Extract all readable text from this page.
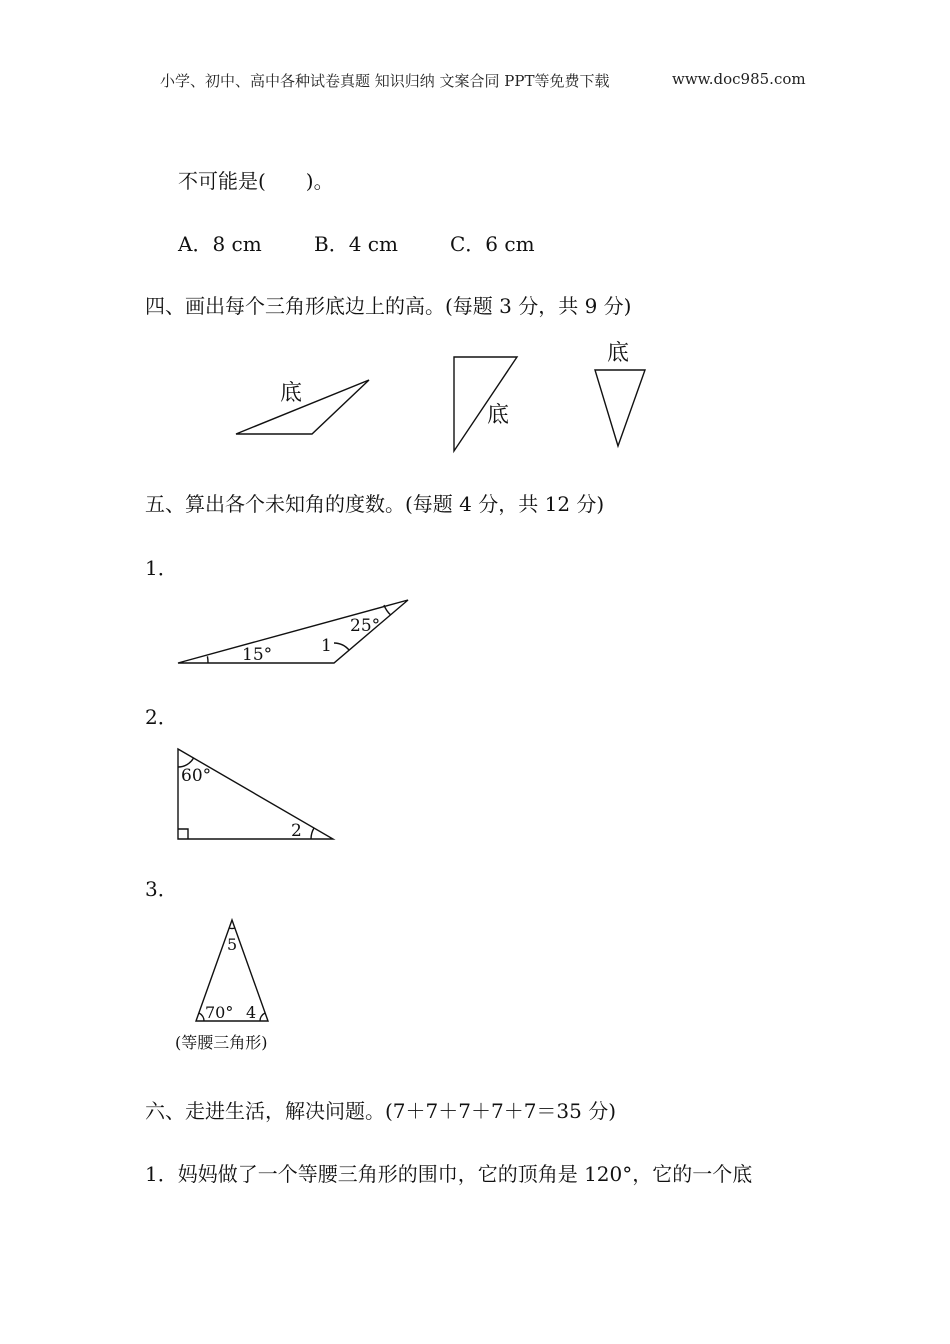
小学、初中、高中各种试卷真题 知识归纳 文案合同 PPT等免费下载	www.doc985.com
不可能是(　　)。
A．8 cm	B．4 cm	C．6 cm
四、画出每个三角形底边上的高。(每题 3 分，共 9 分)
底
底
底
五、算出各个未知角的度数。(每题 4 分，共 12 分)
1．
15°
25°
1
2．
60°
2
3．
5
70° 4
(等腰三角形)
六、走进生活，解决问题。(7＋7＋7＋7＋7＝35 分)
1．妈妈做了一个等腰三角形的围巾，它的顶角是 120°，它的一个底
